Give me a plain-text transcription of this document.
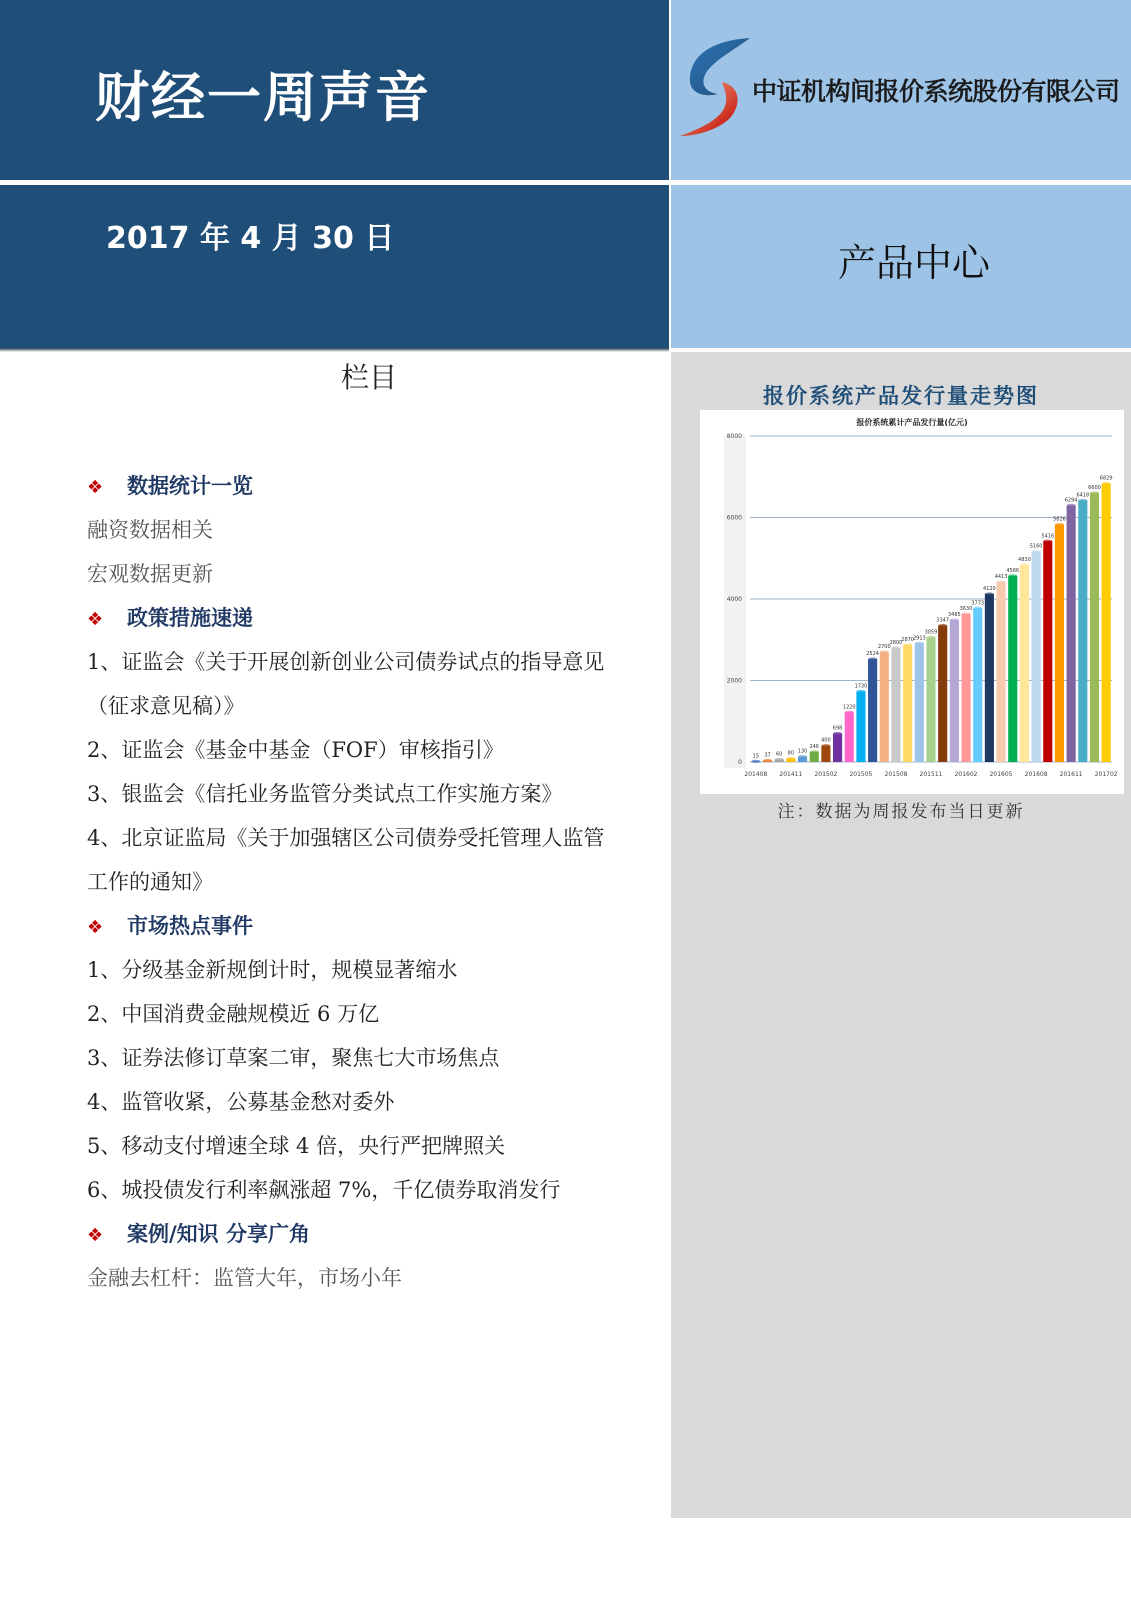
财经一周声音
2017 年 4 月 30 日
中证机构间报价系统股份有限公司
产品中心
报价系统产品发行量走势图
报价系统累计产品发行量(亿元)
0
2000
4000
6000
8000
15 37 60 80 130
246
400
698
1220
1730
2524
2700
2800
2870
2913
3059
3347
3485
3630
3773
4120
4413
4566
4830
5160
5416
5826
6294
6418
6600
6829
201408 201411 201502 201505 201508 201511 201602 201605 201608 201611 201702
注：数据为周报发布当日更新
栏目
❖ 数据统计一览
融资数据相关
宏观数据更新
❖ 政策措施速递
1、证监会《关于开展创新创业公司债券试点的指导意见
（征求意见稿）》
2、证监会《基金中基金（FOF）审核指引》
3、银监会《信托业务监管分类试点工作实施方案》
4、北京证监局《关于加强辖区公司债券受托管理人监管
工作的通知》
❖ 市场热点事件
1、分级基金新规倒计时，规模显著缩水
2、中国消费金融规模近 6 万亿
3、证券法修订草案二审，聚焦七大市场焦点
4、监管收紧，公募基金愁对委外
5、移动支付增速全球 4 倍，央行严把牌照关
6、城投债发行利率飙涨超 7%，千亿债券取消发行
❖ 案例/知识 分享广角
金融去杠杆：监管大年，市场小年
